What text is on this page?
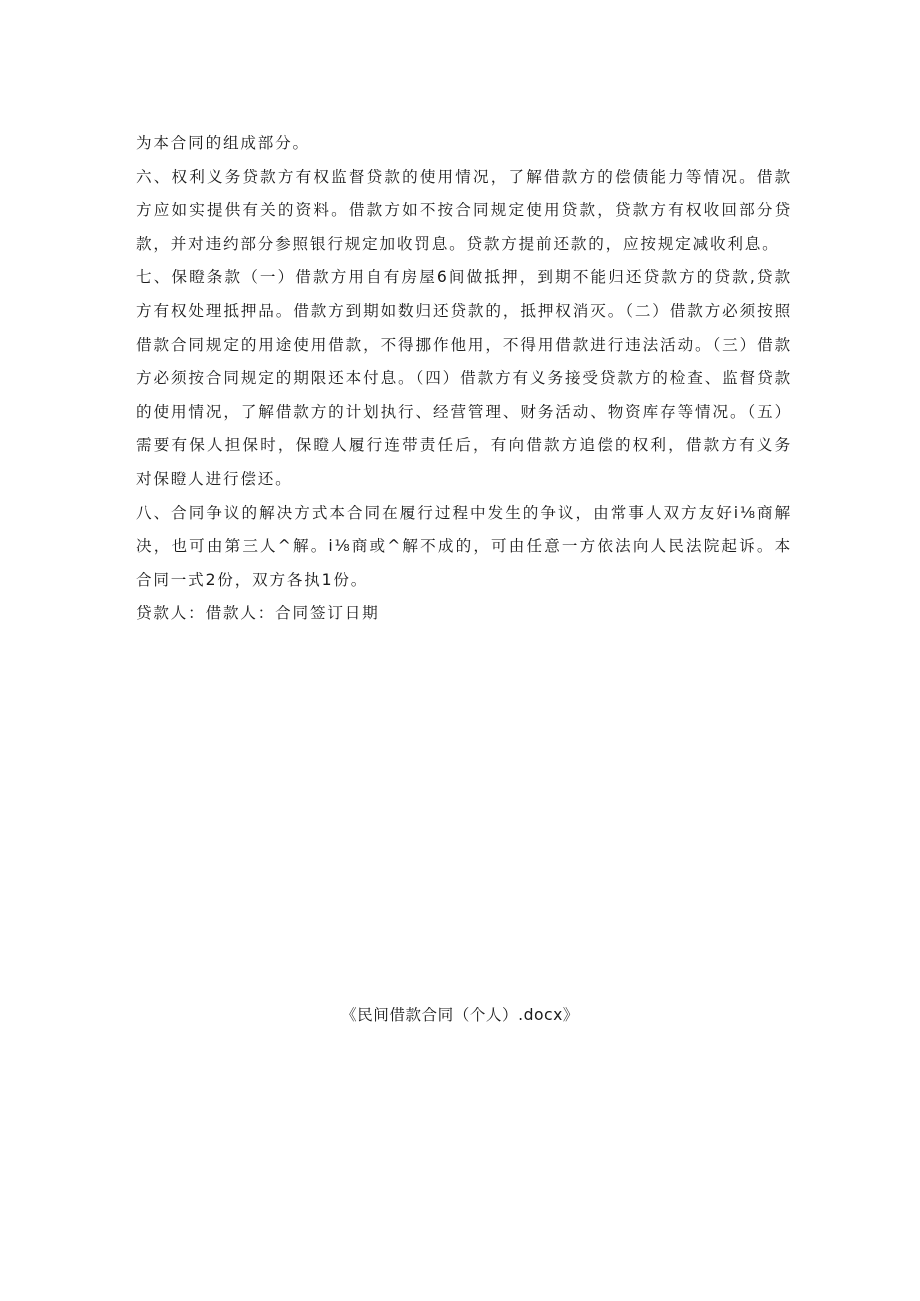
为本合同的组成部分。

六、权利义务贷款方有权监督贷款的使用情况，了解借款方的偿债能力等情况。借款方应如实提供有关的资料。借款方如不按合同规定使用贷款，贷款方有权收回部分贷款，并对违约部分参照银行规定加收罚息。贷款方提前还款的，应按规定减收利息。

七、保瞪条款（一）借款方用自有房屋6间做抵押，到期不能归还贷款方的贷款,贷款方有权处理抵押品。借款方到期如数归还贷款的，抵押权消灭。（二）借款方必须按照借款合同规定的用途使用借款，不得挪作他用，不得用借款进行违法活动。（三）借款方必须按合同规定的期限还本付息。（四）借款方有义务接受贷款方的检查、监督贷款的使用情况，了解借款方的计划执行、经营管理、财务活动、物资库存等情况。（五）需要有保人担保时，保瞪人履行连带责任后，有向借款方追偿的权利，借款方有义务对保瞪人进行偿还。

八、合同争议的解决方式本合同在履行过程中发生的争议，由常事人双方友好i⅛商解决，也可由第三人^解。i⅛商或^解不成的，可由任意一方依法向人民法院起诉。本合同一式2份，双方各执1份。

贷款人：借款人：合同签订日期

《民间借款合同（个人）.docx》
